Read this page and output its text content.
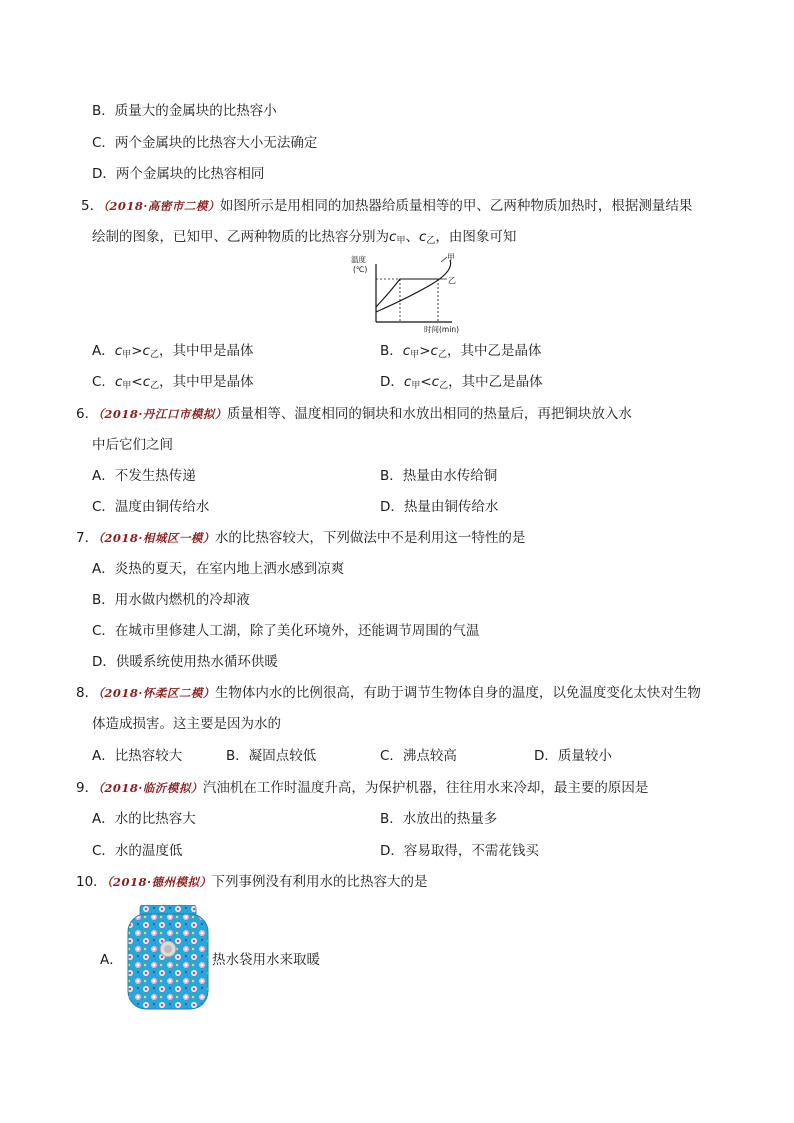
B．质量大的金属块的比热容小
C．两个金属块的比热容大小无法确定
D．两个金属块的比热容相同
5．（2018·高密市二模）如图所示是用相同的加热器给质量相等的甲、乙两种物质加热时，根据测量结果
绘制的图象，已知甲、乙两种物质的比热容分别为$c_甲$、$c_乙$，由图象可知
温度
(℃)
时间(min)
甲
乙
A．$c_甲>c_乙$，其中甲是晶体	B．$c_甲>c_乙$，其中乙是晶体
C．$c_甲<c_乙$，其中甲是晶体	D．$c_甲<c_乙$，其中乙是晶体
6．（2018·丹江口市模拟）质量相等、温度相同的铜块和水放出相同的热量后，再把铜块放入水
中后它们之间
A．不发生热传递	B．热量由水传给铜
C．温度由铜传给水	D．热量由铜传给水
7．（2018·相城区一模）水的比热容较大，下列做法中不是利用这一特性的是
A．炎热的夏天，在室内地上洒水感到凉爽
B．用水做内燃机的冷却液
C．在城市里修建人工湖，除了美化环境外，还能调节周围的气温
D．供暖系统使用热水循环供暖
8．（2018·怀柔区二模）生物体内水的比例很高，有助于调节生物体自身的温度，以免温度变化太快对生物
体造成损害。这主要是因为水的
A．比热容较大	B．凝固点较低	C．沸点较高	D．质量较小
9．（2018·临沂模拟）汽油机在工作时温度升高，为保护机器，往往用水来冷却，最主要的原因是
A．水的比热容大	B．水放出的热量多
C．水的温度低	D．容易取得，不需花钱买
10．（2018·德州模拟）下列事例没有利用水的比热容大的是
A．	热水袋用水来取暖
